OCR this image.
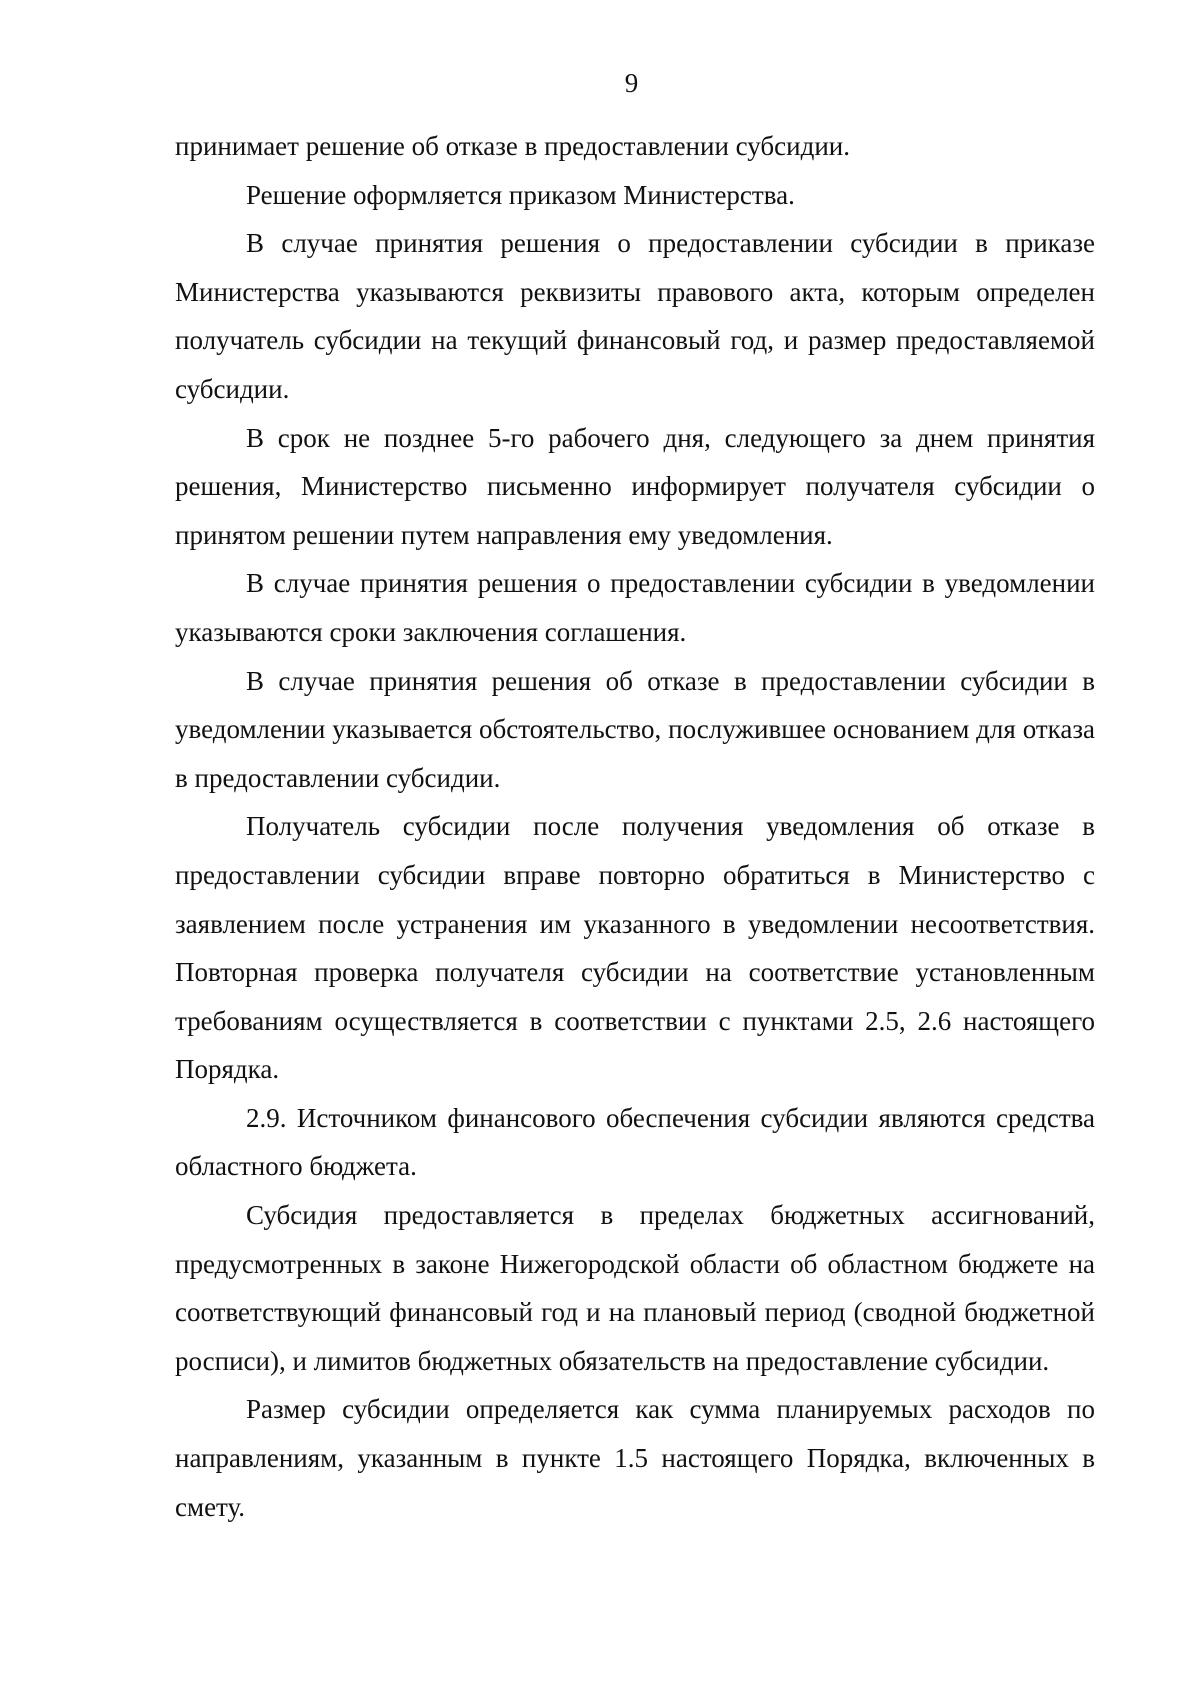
9

принимает решение об отказе в предоставлении субсидии.

Решение оформляется приказом Министерства.

В случае принятия решения о предоставлении субсидии в приказе Министерства указываются реквизиты правового акта, которым определен получатель субсидии на текущий финансовый год, и размер предоставляемой субсидии.

В срок не позднее 5-го рабочего дня, следующего за днем принятия решения, Министерство письменно информирует получателя субсидии о принятом решении путем направления ему уведомления.

В случае принятия решения о предоставлении субсидии в уведомлении указываются сроки заключения соглашения.

В случае принятия решения об отказе в предоставлении субсидии в уведомлении указывается обстоятельство, послужившее основанием для отказа в предоставлении субсидии.

Получатель субсидии после получения уведомления об отказе в предоставлении субсидии вправе повторно обратиться в Министерство с заявлением после устранения им указанного в уведомлении несоответствия. Повторная проверка получателя субсидии на соответствие установленным требованиям осуществляется в соответствии с пунктами 2.5, 2.6 настоящего Порядка.

2.9. Источником финансового обеспечения субсидии являются средства областного бюджета.

Субсидия предоставляется в пределах бюджетных ассигнований, предусмотренных в законе Нижегородской области об областном бюджете на соответствующий финансовый год и на плановый период (сводной бюджетной росписи), и лимитов бюджетных обязательств на предоставление субсидии.

Размер субсидии определяется как сумма планируемых расходов по направлениям, указанным в пункте 1.5 настоящего Порядка, включенных в смету.
